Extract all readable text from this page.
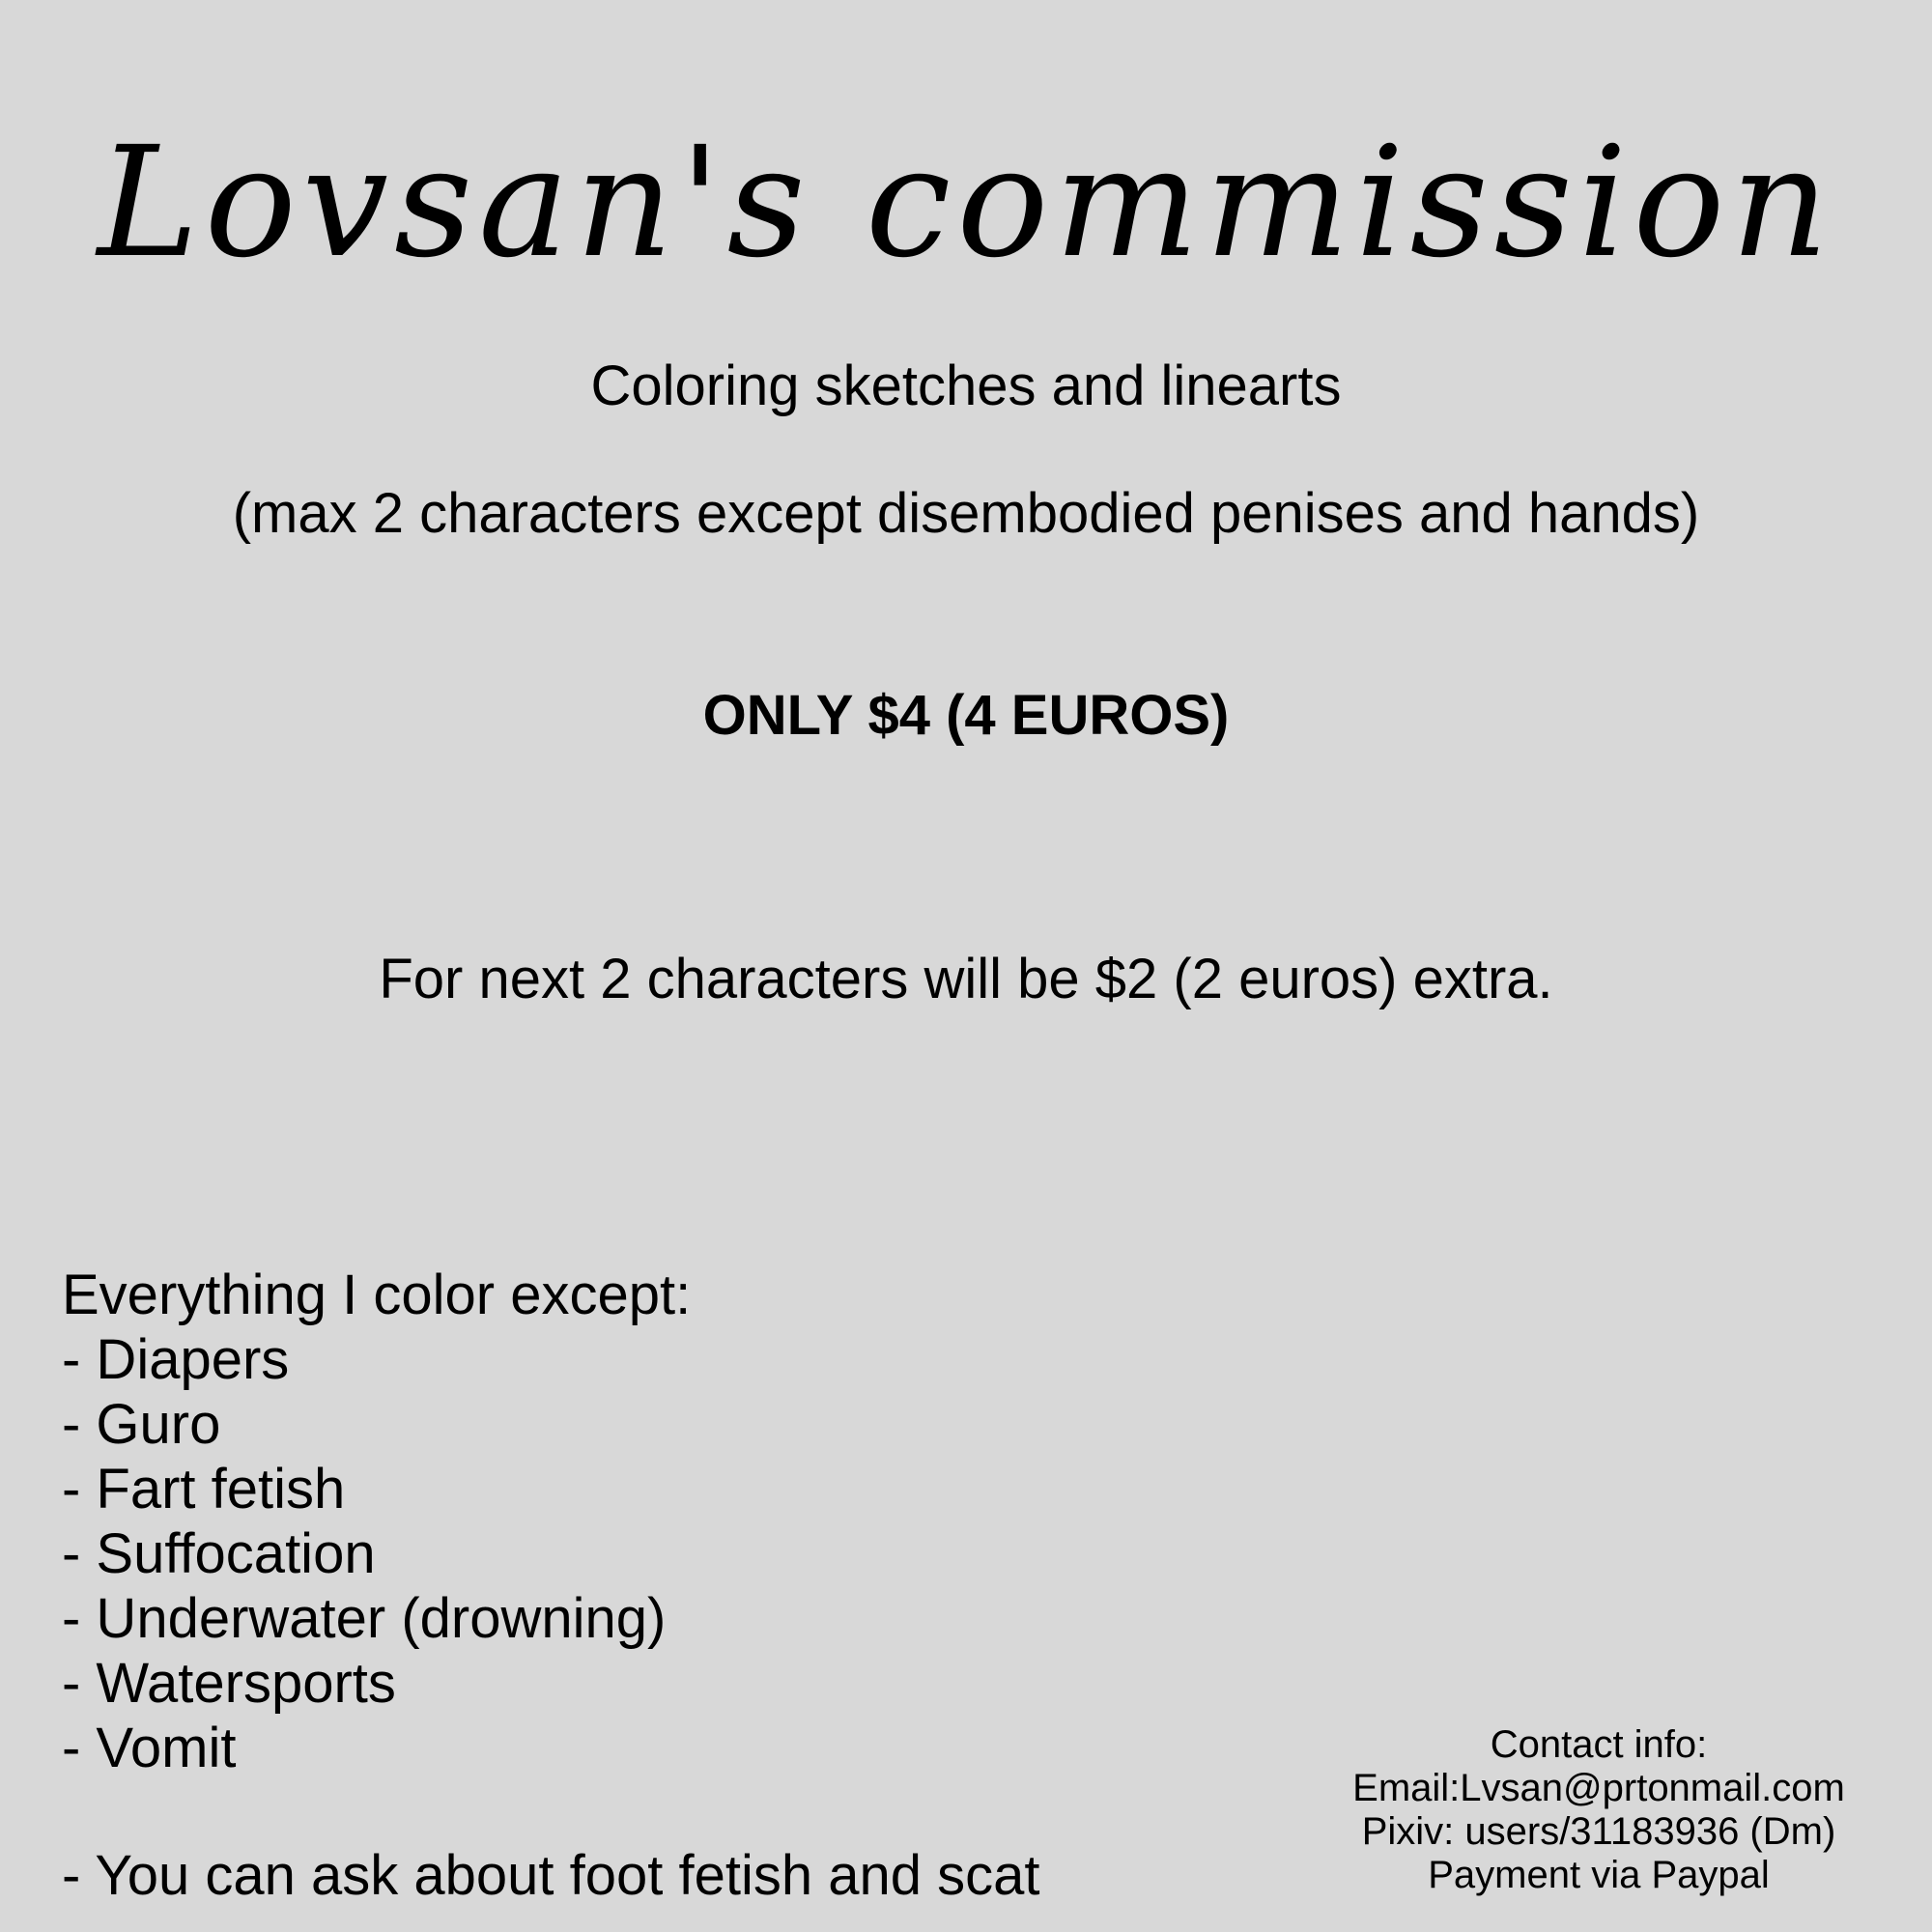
Lovsan's commission
Coloring sketches and linearts
(max 2 characters except disembodied penises and hands)
ONLY $4 (4 EUROS)
For next 2 characters will be $2 (2 euros) extra.
Everything I color except:
- Diapers
- Guro
- Fart fetish
- Suffocation
- Underwater (drowning)
- Watersports
- Vomit
- You can ask about foot fetish and scat
Contact info:
Email:Lvsan@prtonmail.com
Pixiv: users/31183936 (Dm)
Payment via Paypal
